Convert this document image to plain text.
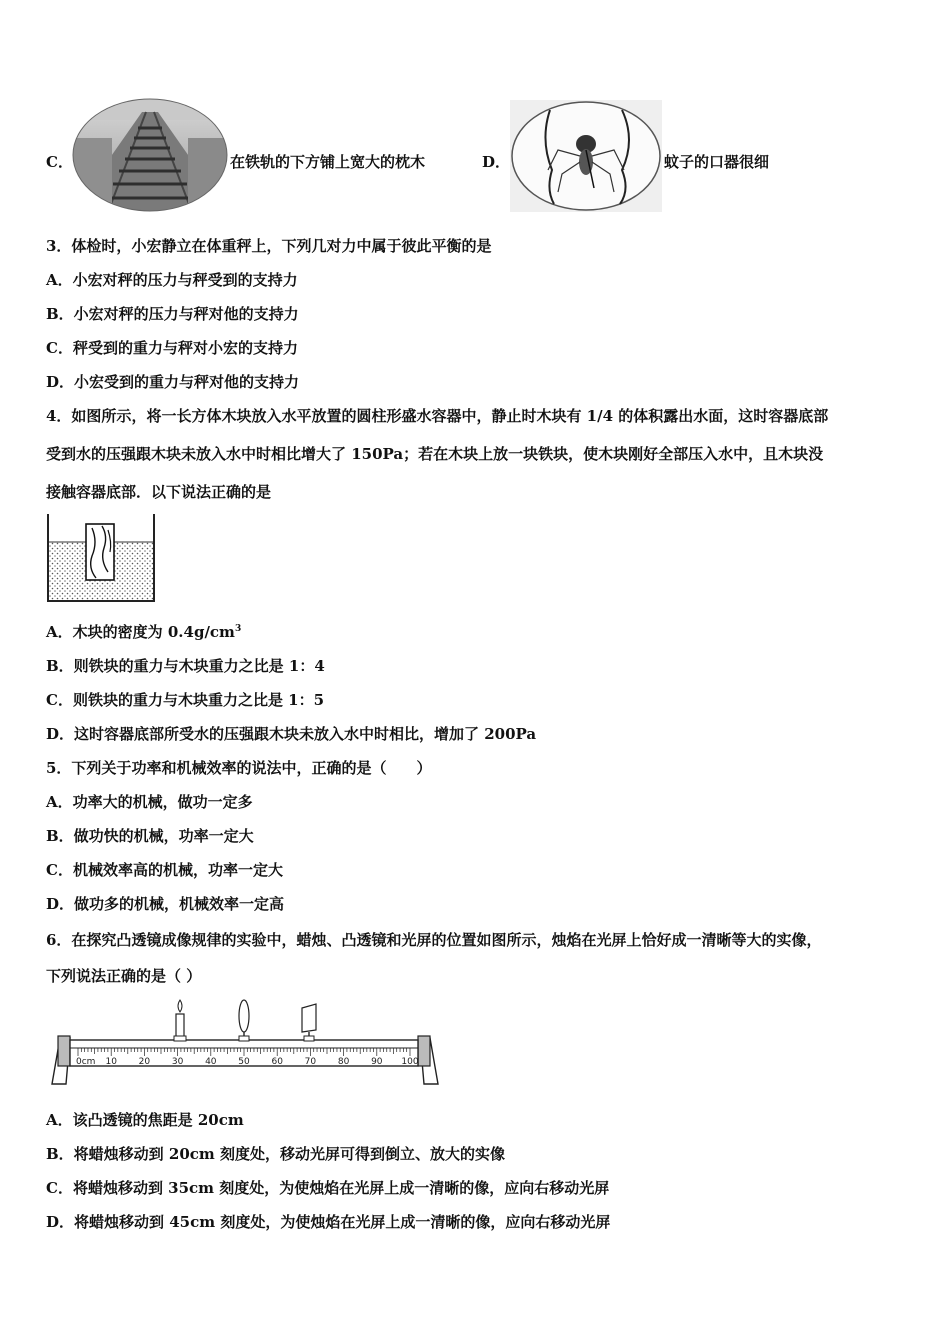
C．	在铁轨的下方铺上宽大的枕木	D．	蚊子的口器很细
3．体检时，小宏静立在体重秤上，下列几对力中属于彼此平衡的是
A．小宏对秤的压力与秤受到的支持力
B．小宏对秤的压力与秤对他的支持力
C．秤受到的重力与秤对小宏的支持力
D．小宏受到的重力与秤对他的支持力
4．如图所示，将一长方体木块放入水平放置的圆柱形盛水容器中，静止时木块有 1/4 的体积露出水面，这时容器底部
受到水的压强跟木块未放入水中时相比增大了 150Pa；若在木块上放一块铁块，使木块刚好全部压入水中，且木块没
接触容器底部．以下说法正确的是
A．木块的密度为 $0.4g/cm^3$
B．则铁块的重力与木块重力之比是 1：4
C．则铁块的重力与木块重力之比是 1：5
D．这时容器底部所受水的压强跟木块未放入水中时相比，增加了 200Pa
5．下列关于功率和机械效率的说法中，正确的是（　　）
A．功率大的机械，做功一定多
B．做功快的机械，功率一定大
C．机械效率高的机械，功率一定大
D．做功多的机械，机械效率一定高
6．在探究凸透镜成像规律的实验中，蜡烛、凸透镜和光屏的位置如图所示，烛焰在光屏上恰好成一清晰等大的实像，
下列说法正确的是（ ）
0cm 10 20 30 40 50 60 70 80 90 100
A．该凸透镜的焦距是 20cm
B．将蜡烛移动到 20cm 刻度处，移动光屏可得到倒立、放大的实像
C．将蜡烛移动到 35cm 刻度处，为使烛焰在光屏上成一清晰的像，应向右移动光屏
D．将蜡烛移动到 45cm 刻度处，为使烛焰在光屏上成一清晰的像，应向右移动光屏
